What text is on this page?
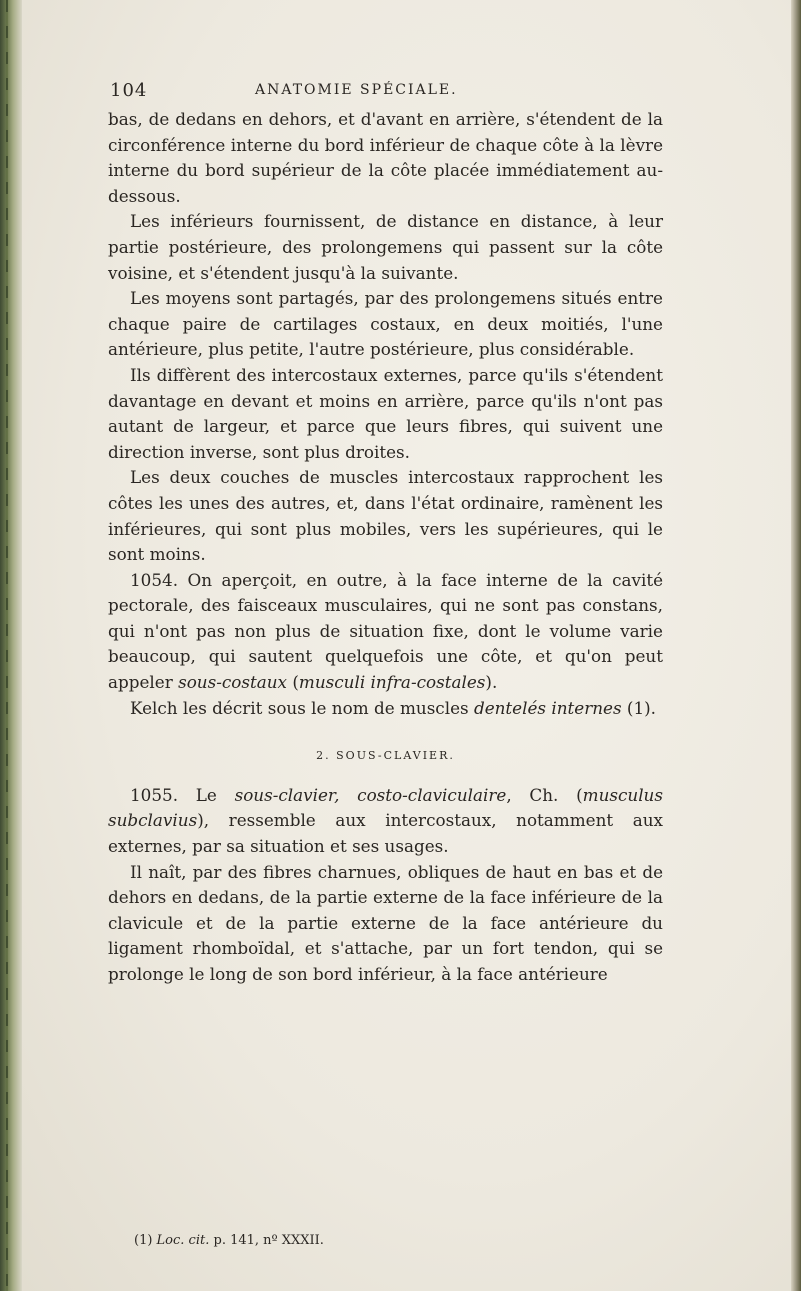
104	ANATOMIE SPÉCIALE.

bas, de dedans en dehors, et d'avant en arrière, s'étendent de la circonférence interne du bord inférieur de chaque côte à la lèvre interne du bord supérieur de la côte placée immédiatement au-dessous.

Les inférieurs fournissent, de distance en distance, à leur partie postérieure, des prolongemens qui passent sur la côte voisine, et s'étendent jusqu'à la suivante.

Les moyens sont partagés, par des prolongemens situés entre chaque paire de cartilages costaux, en deux moitiés, l'une antérieure, plus petite, l'autre postérieure, plus considérable.

Ils diffèrent des intercostaux externes, parce qu'ils s'étendent davantage en devant et moins en arrière, parce qu'ils n'ont pas autant de largeur, et parce que leurs fibres, qui suivent une direction inverse, sont plus droites.

Les deux couches de muscles intercostaux rapprochent les côtes les unes des autres, et, dans l'état ordinaire, ramènent les inférieures, qui sont plus mobiles, vers les supérieures, qui le sont moins.

1054. On aperçoit, en outre, à la face interne de la cavité pectorale, des faisceaux musculaires, qui ne sont pas constans, qui n'ont pas non plus de situation fixe, dont le volume varie beaucoup, qui sautent quelquefois une côte, et qu'on peut appeler sous-costaux (musculi infra-costales).

Kelch les décrit sous le nom de muscles dentelés internes (1).

2. SOUS-CLAVIER.

1055. Le sous-clavier, costo-claviculaire, Ch. (musculus subclavius), ressemble aux intercostaux, notamment aux externes, par sa situation et ses usages.

Il naît, par des fibres charnues, obliques de haut en bas et de dehors en dedans, de la partie externe de la face inférieure de la clavicule et de la partie externe de la face antérieure du ligament rhomboïdal, et s'attache, par un fort tendon, qui se prolonge le long de son bord inférieur, à la face antérieure

(1) Loc. cit. p. 141, nº XXXII.
